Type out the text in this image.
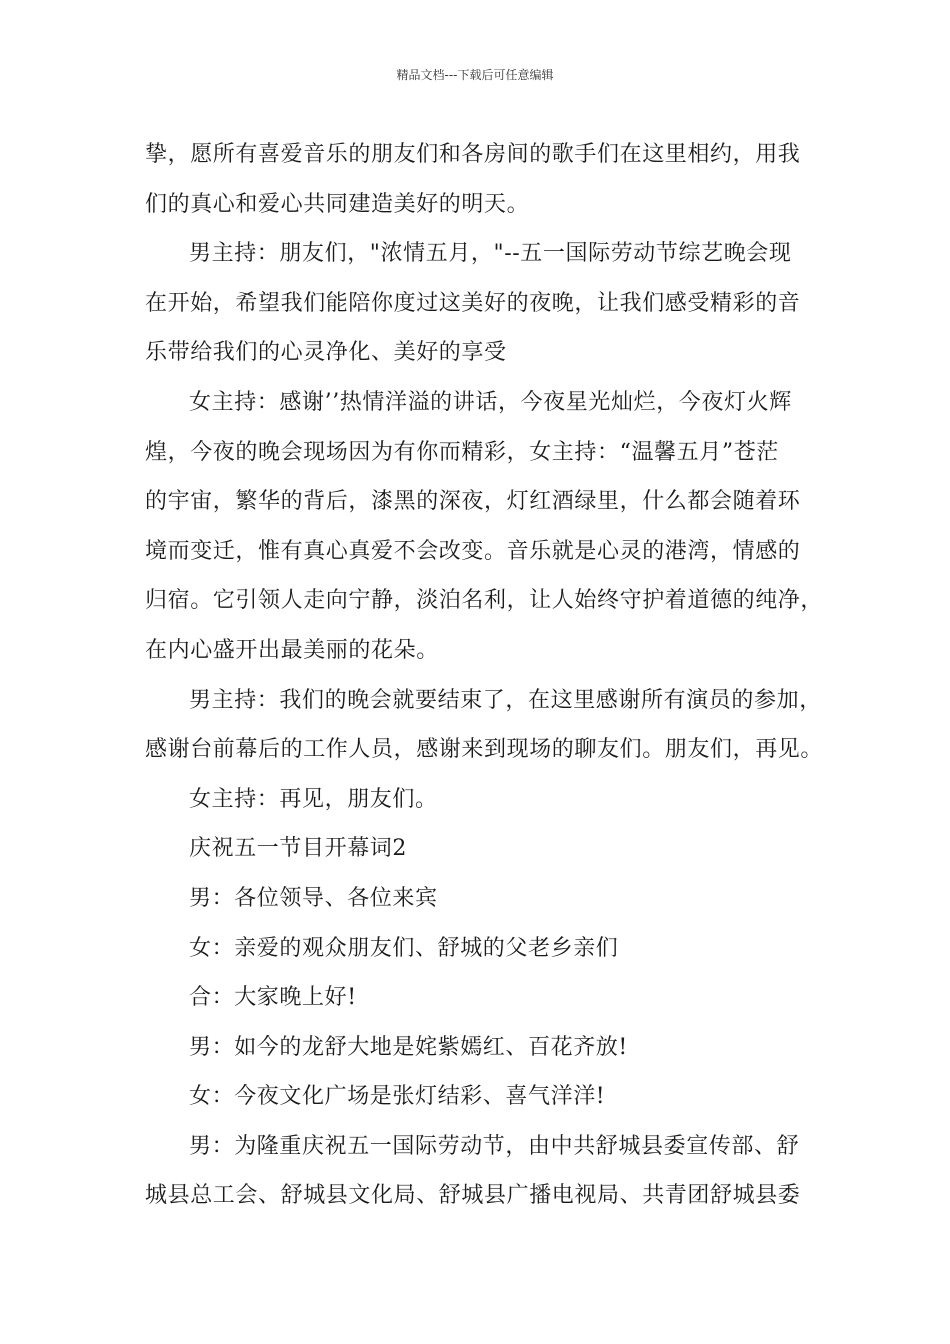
精品文档---下载后可任意编辑
挚，愿所有喜爱音乐的朋友们和各房间的歌手们在这里相约，用我
们的真心和爱心共同建造美好的明天。
男主持：朋友们，"浓情五月，"--五一国际劳动节综艺晚会现
在开始，希望我们能陪你度过这美好的夜晚，让我们感受精彩的音
乐带给我们的心灵净化、美好的享受
女主持：感谢’’热情洋溢的讲话，今夜星光灿烂，今夜灯火辉
煌，今夜的晚会现场因为有你而精彩，女主持：“温馨五月”苍茫
的宇宙，繁华的背后，漆黑的深夜，灯红酒绿里，什么都会随着环
境而变迁，惟有真心真爱不会改变。音乐就是心灵的港湾，情感的
归宿。它引领人走向宁静，淡泊名利，让人始终守护着道德的纯净，
在内心盛开出最美丽的花朵。
男主持：我们的晚会就要结束了，在这里感谢所有演员的参加，
感谢台前幕后的工作人员，感谢来到现场的聊友们。朋友们，再见。
女主持：再见，朋友们。
庆祝五一节目开幕词2
男：各位领导、各位来宾
女：亲爱的观众朋友们、舒城的父老乡亲们
合：大家晚上好!
男：如今的龙舒大地是姹紫嫣红、百花齐放!
女：今夜文化广场是张灯结彩、喜气洋洋!
男：为隆重庆祝五一国际劳动节，由中共舒城县委宣传部、舒
城县总工会、舒城县文化局、舒城县广播电视局、共青团舒城县委
